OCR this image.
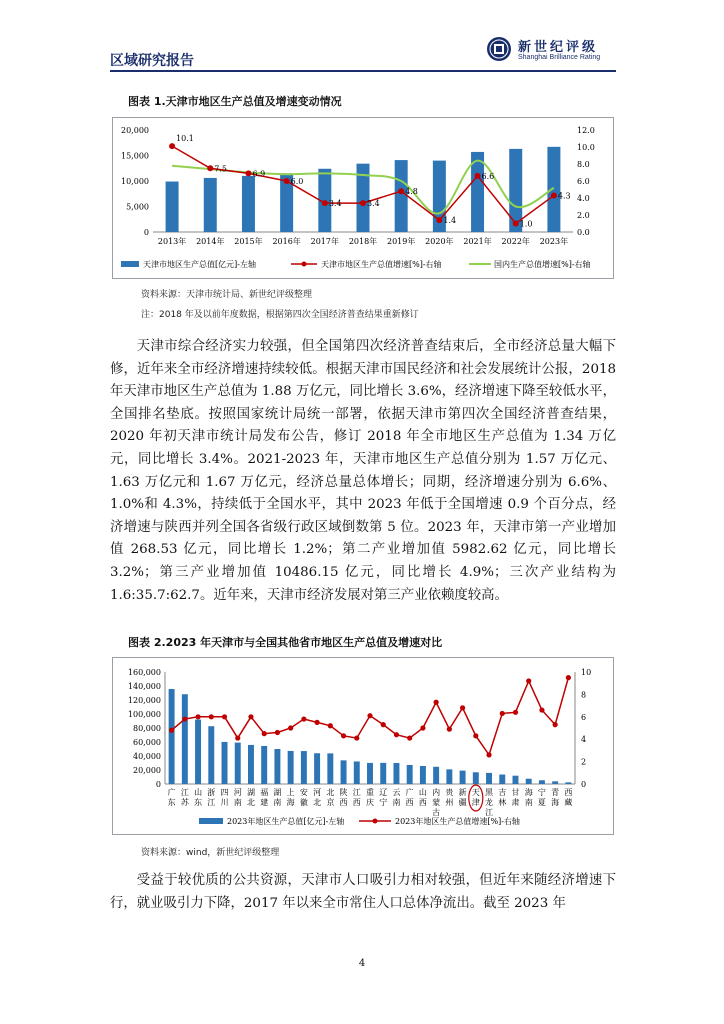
区域研究报告
新世纪评级
Shanghai Brilliance Rating
图表 1.天津市地区生产总值及增速变动情况
0
5,000
10,000
15,000
20,000
0.0
2.0
4.0
6.0
8.0
10.0
12.0
2013年 2014年 2015年 2016年 2017年 2018年 2019年 2020年 2021年 2022年 2023年
10.1
7.5
6.9
6.0
3.4	3.4
4.8
1.4
6.6
1.0
4.3
天津市地区生产总值[亿元]-左轴	天津市地区生产总值增速[%]-右轴	国内生产总值增速[%]-右轴
资料来源：天津市统计局、新世纪评级整理
注：2018 年及以前年度数据，根据第四次全国经济普查结果重新修订
天津市综合经济实力较强，但全国第四次经济普查结束后，全市经济总量大幅下修，近年来全市经济增速持续较低。根据天津市国民经济和社会发展统计公报，2018 年天津市地区生产总值为 1.88 万亿元，同比增长 3.6%，经济增速下降至较低水平，全国排名垫底。按照国家统计局统一部署，依据天津市第四次全国经济普查结果，2020 年初天津市统计局发布公告，修订 2018 年全市地区生产总值为 1.34 万亿元，同比增长 3.4%。2021-2023 年，天津市地区生产总值分别为 1.57 万亿元、1.63 万亿元和 1.67 万亿元，经济总量总体增长；同期，经济增速分别为 6.6%、1.0%和 4.3%，持续低于全国水平，其中 2023 年低于全国增速 0.9 个百分点，经济增速与陕西并列全国各省级行政区域倒数第 5 位。2023 年，天津市第一产业增加值 268.53 亿元，同比增长 1.2%；第二产业增加值 5982.62 亿元，同比增长 3.2%；第三产业增加值 10486.15 亿元，同比增长 4.9%；三次产业结构为 1.6:35.7:62.7。近年来，天津市经济发展对第三产业依赖度较高。
图表 2.2023 年天津市与全国其他省市地区生产总值及增速对比
0
20,000
40,000
60,000
80,000
100,000
120,000
140,000
160,000
0
2
4
6
8
10
广
东
江
苏
山
东
浙
江
四
川
河
南
湖
北
福
建
湖
南
上
海
安
徽
河
北
北
京
陕
西
江
西
重
庆
辽
宁
云
南
广
西
山
西
内
蒙
古
贵
州
新
疆
天
津
黑
龙
江
吉
林
甘
肃
海
南
宁
夏
青
海
西
藏
2023年地区生产总值[亿元]-左轴	2023年地区生产总值增速[%]-右轴
资料来源：wind，新世纪评级整理
受益于较优质的公共资源，天津市人口吸引力相对较强，但近年来随经济增速下行，就业吸引力下降，2017 年以来全市常住人口总体净流出。截至 2023 年
4
